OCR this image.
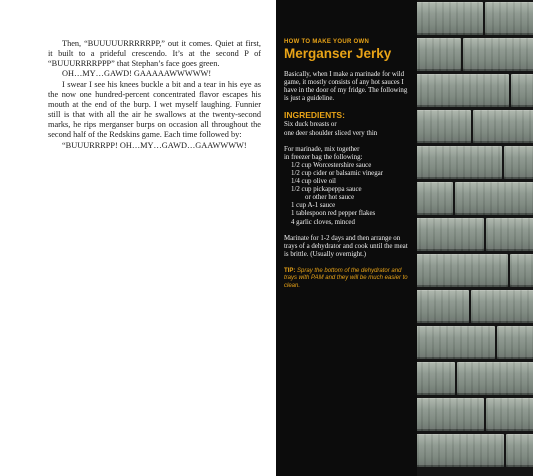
Then, “BUUUUURRRRRPP,” out it comes. Quiet at first, it built to a prideful crescendo. It’s at the second P of “BUUURRRRPPP” that Stephan’s face goes green.

OH…MY…GAWD! GAAAAAWWWWW!

I swear I see his knees buckle a bit and a tear in his eye as the now one hundred-percent concentrated flavor escapes his mouth at the end of the burp. I wet myself laughing. Funnier still is that with all the air he swallows at the twenty-second marks, he rips merganser burps on occasion all throughout the second half of the Redskins game. Each time followed by:

“BUUURRRPP! OH…MY…GAWD…GAAWWWW!

HOW TO MAKE YOUR OWN

Merganser Jerky

Basically, when I make a marinade for wild game, it mostly consists of any hot sauces I have in the door of my fridge. The following is just a guideline.

INGREDIENTS:

Six duck breasts or
one deer shoulder sliced very thin
For marinade, mix together
in freezer bag the following:
1/2 cup Worcestershire sauce
1/2 cup cider or balsamic vinegar
1/4 cup olive oil
1/2 cup pickapeppa sauce
or other hot sauce
1 cup A-1 sauce
1 tablespoon red pepper flakes
4 garlic cloves, minced

Marinate for 1-2 days and then arrange on trays of a dehydrator and cook until the meat is brittle. (Usually overnight.)

TIP: Spray the bottom of the dehydrator and trays with PAM and they will be much easier to clean.
